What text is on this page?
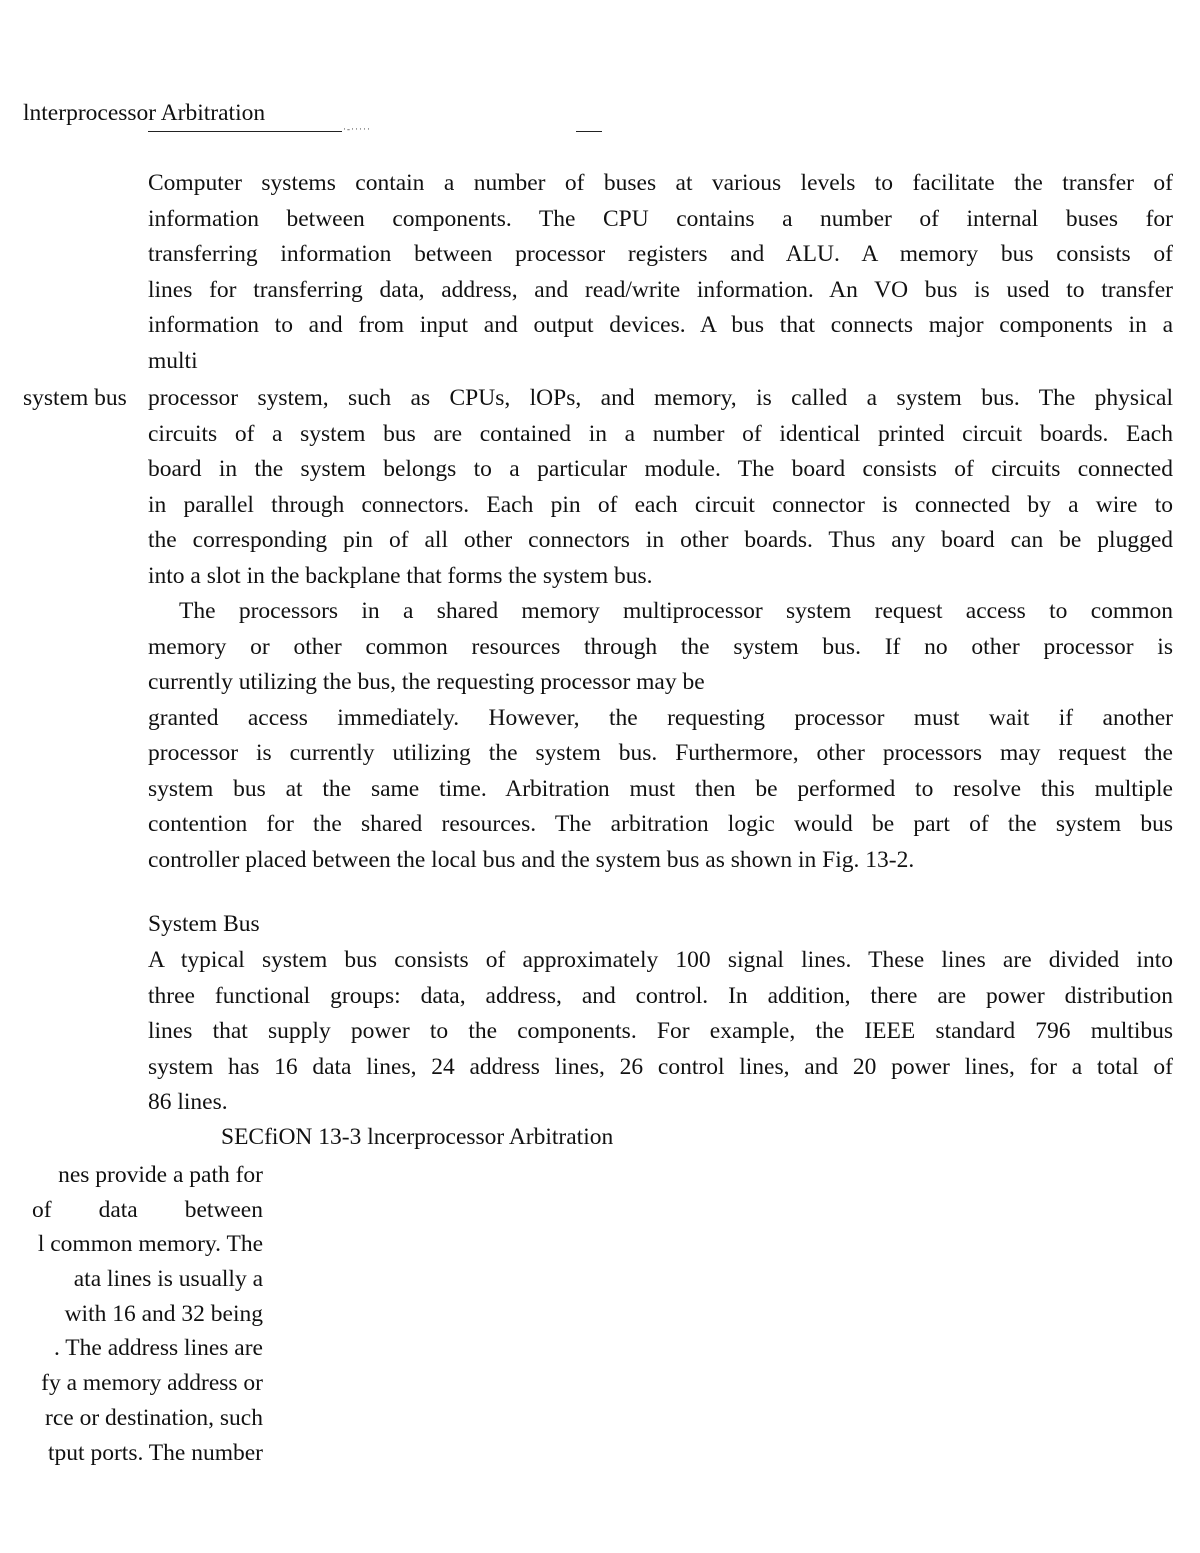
lnterprocessor Arbitration
·-·····
Computer systems contain a number of buses at various levels to facilitate the transfer of
information between components. The CPU contains a number of internal buses for
transferring information between processor registers and ALU. A memory bus consists of
lines for transferring data, address, and read/write information. An VO bus is used to transfer
information to and from input and output devices. A bus that connects major components in a
multi
system bus processor system, such as CPUs, lOPs, and memory, is called a system bus. The physical
circuits of a system bus are contained in a number of identical printed circuit boards. Each
board in the system belongs to a particular module. The board consists of circuits connected
in parallel through connectors. Each pin of each circuit connector is connected by a wire to
the corresponding pin of all other connectors in other boards. Thus any board can be plugged
into a slot in the backplane that forms the system bus.
The processors in a shared memory multiprocessor system request access to common
memory or other common resources through the system bus. If no other processor is
currently utilizing the bus, the requesting processor may be
granted access immediately. However, the requesting processor must wait if another
processor is currently utilizing the system bus. Furthermore, other processors may request the
system bus at the same time. Arbitration must then be performed to resolve this multiple
contention for the shared resources. The arbitration logic would be part of the system bus
controller placed between the local bus and the system bus as shown in Fig. 13-2.
System Bus
A typical system bus consists of approximately 100 signal lines. These lines are divided into
three functional groups: data, address, and control. In addition, there are power distribution
lines that supply power to the components. For example, the IEEE standard 796 multibus
system has 16 data lines, 24 address lines, 26 control lines, and 20 power lines, for a total of
86 lines.
SECfiON 13-3 lncerprocessor Arbitration
nes provide a path for
of data between
l common memory. The
ata lines is usually a
with 16 and 32 being
. The address lines are
fy a memory address or
rce or destination, such
tput ports. The number
